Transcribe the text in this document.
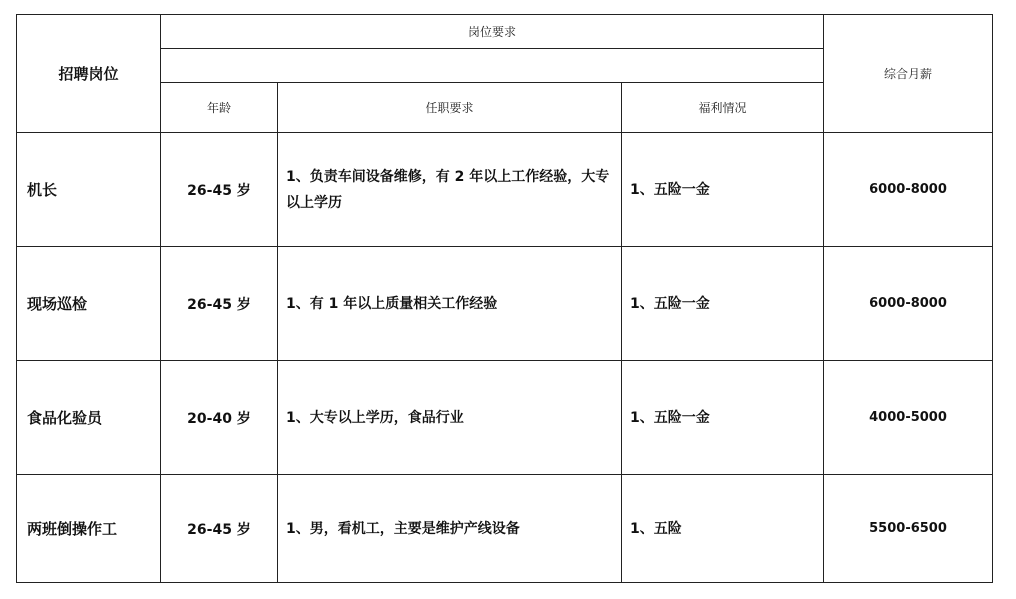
招聘岗位	岗位要求			综合月薪

	年龄	任职要求	福利情况	
机长	26-45 岁	1、负责车间设备维修，有 2 年以上工作经验，大专以上学历	1、五险一金	6000-8000
现场巡检	26-45 岁	1、有 1 年以上质量相关工作经验	1、五险一金	6000-8000
食品化验员	20-40 岁	1、大专以上学历，食品行业	1、五险一金	4000-5000
两班倒操作工	26-45 岁	1、男，看机工，主要是维护产线设备	1、五险	5500-6500
